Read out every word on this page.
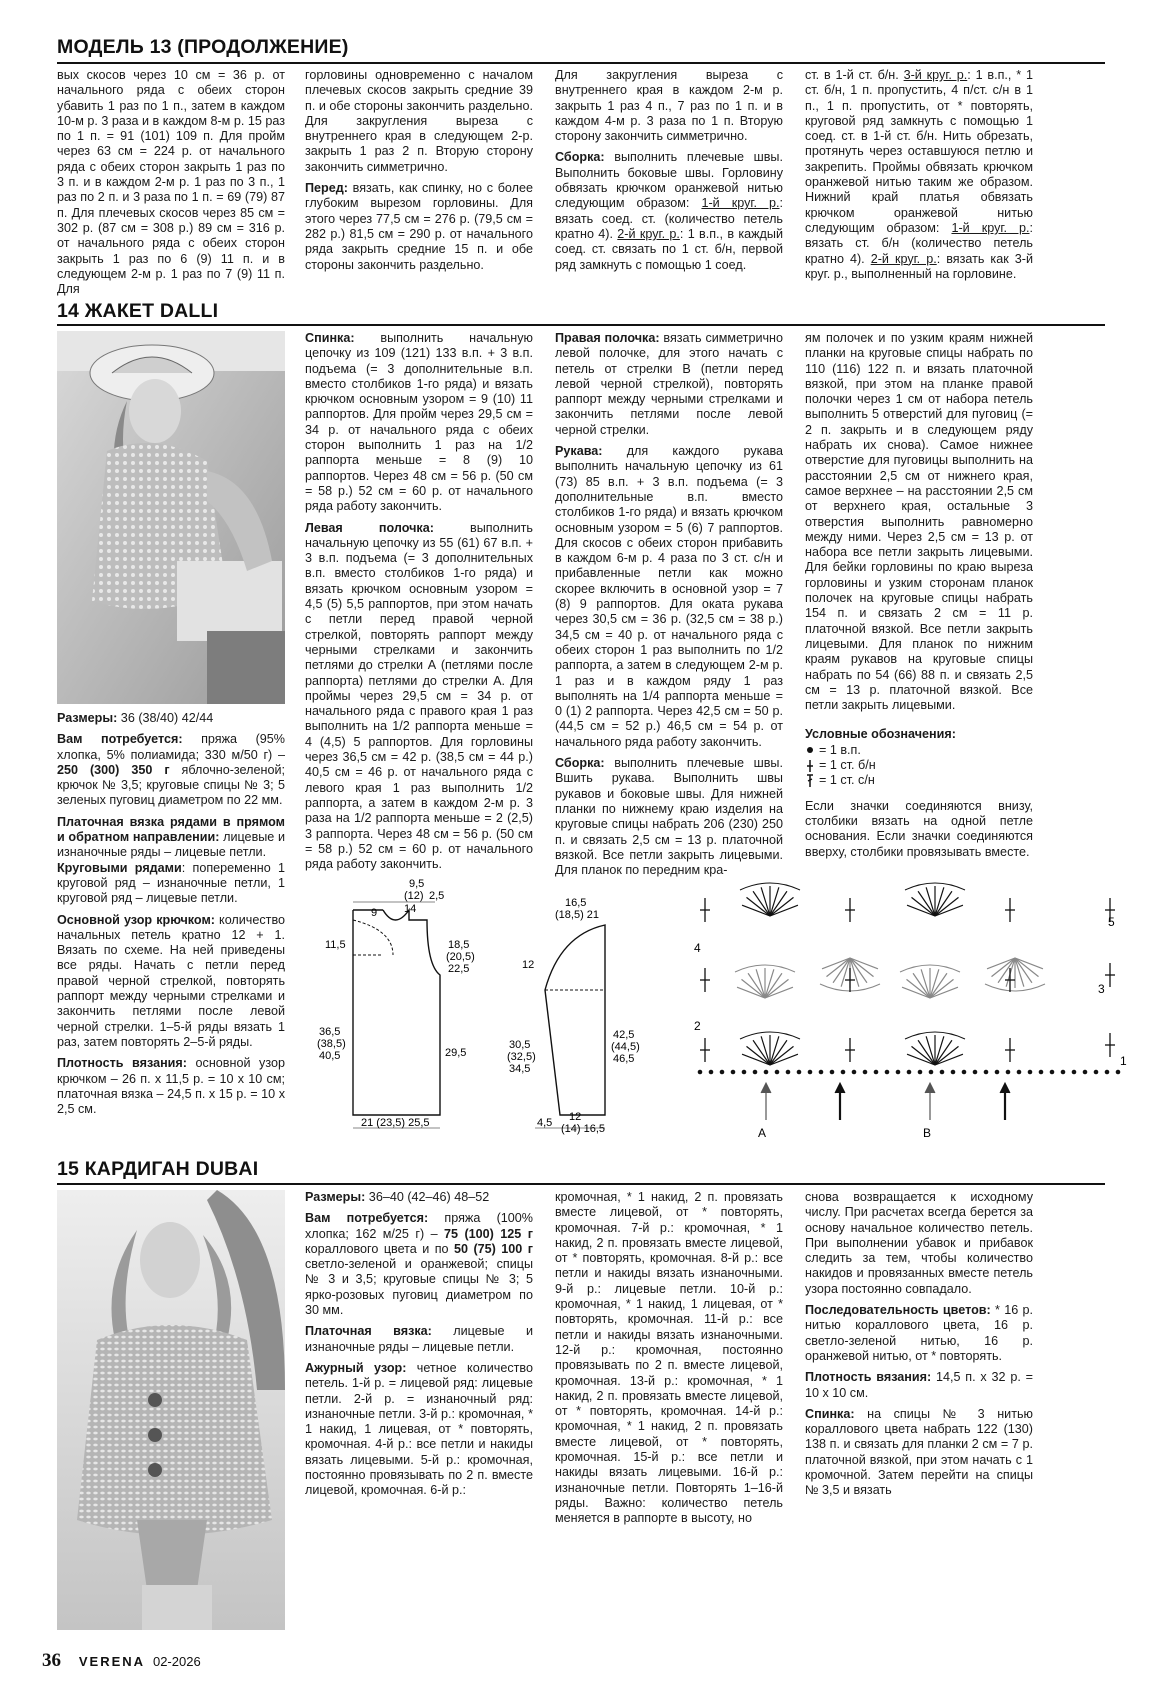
МОДЕЛЬ 13 (ПРОДОЛЖЕНИЕ)

вых скосов через 10 см = 36 р. от начального ряда с обеих сторон убавить 1 раз по 1 п., затем в каждом 10-м р. 3 раза и в каждом 8-м р. 15 раз по 1 п. = 91 (101) 109 п. Для пройм через 63 см = 224 р. от начального ряда с обеих сторон закрыть 1 раз по 3 п. и в каждом 2-м р. 1 раз по 3 п., 1 раз по 2 п. и 3 раза по 1 п. = 69 (79) 87 п. Для плечевых скосов через 85 см = 302 р. (87 см = 308 р.) 89 см = 316 р. от начального ряда с обеих сторон закрыть 1 раз по 6 (9) 11 п. и в следующем 2-м р. 1 раз по 7 (9) 11 п. Для

горловины одновременно с началом плечевых скосов закрыть средние 39 п. и обе стороны закончить раздельно. Для закругления выреза с внутреннего края в следующем 2-р. закрыть 1 раз 2 п. Вторую сторону закончить симметрично.

Перед: вязать, как спинку, но с более глубоким вырезом горловины. Для этого через 77,5 см = 276 р. (79,5 см = 282 р.) 81,5 см = 290 р. от начального ряда закрыть средние 15 п. и обе стороны закончить раздельно.

Для закругления выреза с внутреннего края в каждом 2-м р. закрыть 1 раз 4 п., 7 раз по 1 п. и в каждом 4-м р. 3 раза по 1 п. Вторую сторону закончить симметрично.

Сборка: выполнить плечевые швы. Выполнить боковые швы. Горловину обвязать крючком оранжевой нитью следующим образом: 1-й круг. р.: вязать соед. ст. (количество петель кратно 4). 2-й круг. р.: 1 в.п., в каждый соед. ст. связать по 1 ст. б/н, первой ряд замкнуть с помощью 1 соед.

ст. в 1-й ст. б/н. 3-й круг. р.: 1 в.п., * 1 ст. б/н, 1 п. пропустить, 4 п/ст. с/н в 1 п., 1 п. пропустить, от * повторять, круговой ряд замкнуть с помощью 1 соед. ст. в 1-й ст. б/н. Нить обрезать, протянуть через оставшуюся петлю и закрепить. Проймы обвязать крючком оранжевой нитью таким же образом. Нижний край платья обвязать крючком оранжевой нитью следующим образом: 1-й круг. р.: вязать ст. б/н (количество петель кратно 4). 2-й круг. р.: вязать как 3-й круг. р., выполненный на горловине.

14 ЖАКЕТ DALLI

Размеры: 36 (38/40) 42/44

Вам потребуется: пряжа (95% хлопка, 5% полиамида; 330 м/50 г) – 250 (300) 350 г яблочно-зеленой; крючок № 3,5; круговые спицы № 3; 5 зеленых пуговиц диаметром по 22 мм.

Платочная вязка рядами в прямом и обратном направлении: лицевые и изнаночные ряды – лицевые петли.

Круговыми рядами: попеременно 1 круговой ряд – изнаночные петли, 1 круговой ряд – лицевые петли.

Основной узор крючком: количество начальных петель кратно 12 + 1. Вязать по схеме. На ней приведены все ряды. Начать с петли перед правой черной стрелкой, повторять раппорт между черными стрелками и закончить петлями после левой черной стрелки. 1–5-й ряды вязать 1 раз, затем повторять 2–5-й ряды.

Плотность вязания: основной узор крючком – 26 п. x 11,5 р. = 10 x 10 см; платочная вязка – 24,5 п. x 15 р. = 10 x 2,5 см.

Спинка: выполнить начальную цепочку из 109 (121) 133 в.п. + 3 в.п. подъема (= 3 дополнительные в.п. вместо столбиков 1-го ряда) и вязать крючком основным узором = 9 (10) 11 раппортов. Для пройм через 29,5 см = 34 р. от начального ряда с обеих сторон выполнить 1 раз на 1/2 раппорта меньше = 8 (9) 10 раппортов. Через 48 см = 56 р. (50 см = 58 р.) 52 см = 60 р. от начального ряда работу закончить.

Левая полочка: выполнить начальную цепочку из 55 (61) 67 в.п. + 3 в.п. подъема (= 3 дополнительных в.п. вместо столбиков 1-го ряда) и вязать крючком основным узором = 4,5 (5) 5,5 раппортов, при этом начать с петли перед правой черной стрелкой, повторять раппорт между черными стрелками и закончить петлями до стрелки А (петлями после раппорта) петлями до стрелки А. Для проймы через 29,5 см = 34 р. от начального ряда с правого края 1 раз выполнить на 1/2 раппорта меньше = 4 (4,5) 5 раппортов. Для горловины через 36,5 см = 42 р. (38,5 см = 44 р.) 40,5 см = 46 р. от начального ряда с левого края 1 раз выполнить 1/2 раппорта, а затем в каждом 2-м р. 3 раза на 1/2 раппорта меньше = 2 (2,5) 3 раппорта. Через 48 см = 56 р. (50 см = 58 р.) 52 см = 60 р. от начального ряда работу закончить.

Правая полочка: вязать симметрично левой полочке, для этого начать с петель от стрелки В (петли перед левой черной стрелкой), повторять раппорт между черными стрелками и закончить петлями после левой черной стрелки.

Рукава: для каждого рукава выполнить начальную цепочку из 61 (73) 85 в.п. + 3 в.п. подъема (= 3 дополнительные в.п. вместо столбиков 1-го ряда) и вязать крючком основным узором = 5 (6) 7 раппортов. Для скосов с обеих сторон прибавить в каждом 6-м р. 4 раза по 3 ст. с/н и прибавленные петли как можно скорее включить в основной узор = 7 (8) 9 раппортов. Для оката рукава через 30,5 см = 36 р. (32,5 см = 38 р.) 34,5 см = 40 р. от начального ряда с обеих сторон 1 раз выполнить по 1/2 раппорта, а затем в следующем 2-м р. 1 раз и в каждом ряду 1 раз выполнять на 1/4 раппорта меньше = 0 (1) 2 раппорта. Через 42,5 см = 50 р. (44,5 см = 52 р.) 46,5 см = 54 р. от начального ряда работу закончить.

Сборка: выполнить плечевые швы. Вшить рукава. Выполнить швы рукавов и боковые швы. Для нижней планки по нижнему краю изделия на круговые спицы набрать 206 (230) 250 п. и связать 2,5 см = 13 р. платочной вязкой. Все петли закрыть лицевыми. Для планок по передним кра-

ям полочек и по узким краям нижней планки на круговые спицы набрать по 110 (116) 122 п. и вязать платочной вязкой, при этом на планке правой полочки через 1 см от набора петель выполнить 5 отверстий для пуговиц (= 2 п. закрыть и в следующем ряду набрать их снова). Самое нижнее отверстие для пуговицы выполнить на расстоянии 2,5 см от нижнего края, самое верхнее – на расстоянии 2,5 см от верхнего края, остальные 3 отверстия выполнить равномерно между ними. Через 2,5 см = 13 р. от набора все петли закрыть лицевыми. Для бейки горловины по краю выреза горловины и узким сторонам планок полочек на круговые спицы набрать 154 п. и связать 2 см = 11 р. платочной вязкой. Все петли закрыть лицевыми. Для планок по нижним краям рукавов на круговые спицы набрать по 54 (66) 88 п. и связать 2,5 см = 13 р. платочной вязкой. Все петли закрыть лицевыми.

Условные обозначения:

= 1 в.п.
= 1 ст. б/н
= 1 ст. с/н

Если значки соединяются внизу, столбики вязать на одной петле основания. Если значки соединяются вверху, столбики провязывать вместе.

9
9,5
(12) 2,5
14
11,5	18,5
(20,5)
22,5
36,5
(38,5)
40,5	29,5
21 (23,5) 25,5
16,5
(18,5) 21
12
42,5
(44,5)
46,5
30,5
(32,5)
34,5
4,5 12
(14) 16,5
5
4
3
2
1
A	B
15 КАРДИГАН DUBAI

Размеры: 36–40 (42–46) 48–52

Вам потребуется: пряжа (100% хлопка; 162 м/25 г) – 75 (100) 125 г кораллового цвета и по 50 (75) 100 г светло-зеленой и оранжевой; спицы № 3 и 3,5; круговые спицы № 3; 5 ярко-розовых пуговиц диаметром по 30 мм.

Платочная вязка: лицевые и изнаночные ряды – лицевые петли.

Ажурный узор: четное количество петель. 1-й р. = лицевой ряд: лицевые петли. 2-й р. = изнаночный ряд: изнаночные петли. 3-й р.: кромочная, * 1 накид, 1 лицевая, от * повторять, кромочная. 4-й р.: все петли и накиды вязать лицевыми. 5-й р.: кромочная, постоянно провязывать по 2 п. вместе лицевой, кромочная. 6-й р.:

кромочная, * 1 накид, 2 п. провязать вместе лицевой, от * повторять, кромочная. 7-й р.: кромочная, * 1 накид, 2 п. провязать вместе лицевой, от * повторять, кромочная. 8-й р.: все петли и накиды вязать изнаночными. 9-й р.: лицевые петли. 10-й р.: кромочная, * 1 накид, 1 лицевая, от * повторять, кромочная. 11-й р.: все петли и накиды вязать изнаночными. 12-й р.: кромочная, постоянно провязывать по 2 п. вместе лицевой, кромочная. 13-й р.: кромочная, * 1 накид, 2 п. провязать вместе лицевой, от * повторять, кромочная. 14-й р.: кромочная, * 1 накид, 2 п. провязать вместе лицевой, от * повторять, кромочная. 15-й р.: все петли и накиды вязать лицевыми. 16-й р.: изнаночные петли. Повторять 1–16-й ряды. Важно: количество петель меняется в раппорте в высоту, но

снова возвращается к исходному числу. При расчетах всегда берется за основу начальное количество петель. При выполнении убавок и прибавок следить за тем, чтобы количество накидов и провязанных вместе петель узора постоянно совпадало.

Последовательность цветов: * 16 р. нитью кораллового цвета, 16 р. светло-зеленой нитью, 16 р. оранжевой нитью, от * повторять.

Плотность вязания: 14,5 п. x 32 р. = 10 x 10 см.

Спинка: на спицы № 3 нитью кораллового цвета набрать 122 (130) 138 п. и связать для планки 2 см = 7 р. платочной вязкой, при этом начать с 1 кромочной. Затем перейти на спицы № 3,5 и вязать

36 VERENA 02-2026
